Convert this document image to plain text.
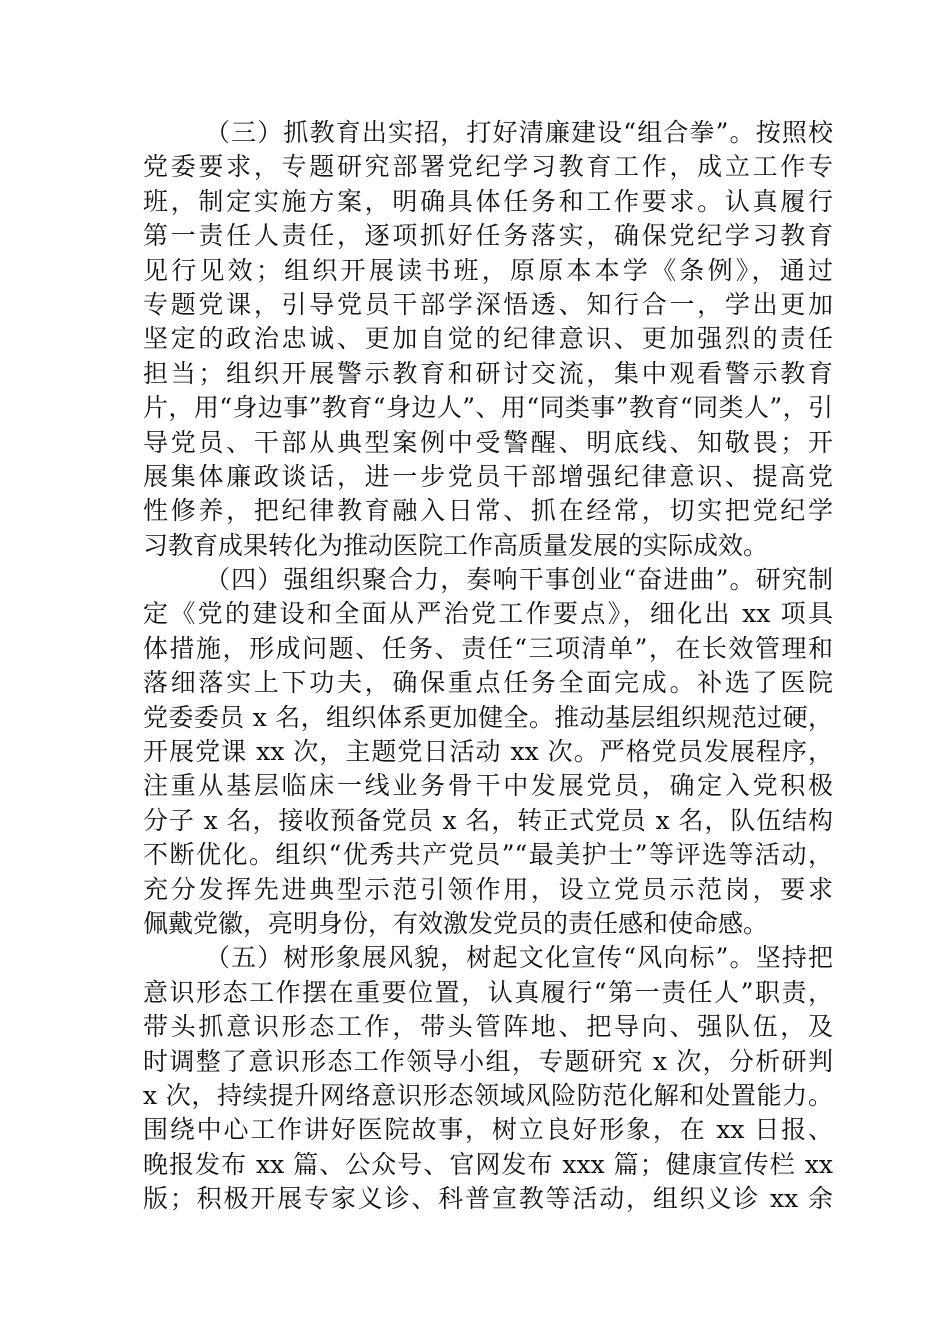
（三）抓教育出实招，打好清廉建设“组合拳”。按照校
党委要求，专题研究部署党纪学习教育工作，成立工作专
班，制定实施方案，明确具体任务和工作要求。认真履行
第一责任人责任，逐项抓好任务落实，确保党纪学习教育
见行见效；组织开展读书班，原原本本学《条例》，通过
专题党课，引导党员干部学深悟透、知行合一，学出更加
坚定的政治忠诚、更加自觉的纪律意识、更加强烈的责任
担当；组织开展警示教育和研讨交流，集中观看警示教育
片，用“身边事”教育“身边人”、用“同类事”教育“同类人”，引
导党员、干部从典型案例中受警醒、明底线、知敬畏；开
展集体廉政谈话，进一步党员干部增强纪律意识、提高党
性修养，把纪律教育融入日常、抓在经常，切实把党纪学
习教育成果转化为推动医院工作高质量发展的实际成效。
（四）强组织聚合力，奏响干事创业“奋进曲”。研究制
定《党的建设和全面从严治党工作要点》，细化出 xx 项具
体措施，形成问题、任务、责任“三项清单”，在长效管理和
落细落实上下功夫，确保重点任务全面完成。补选了医院
党委委员 x 名，组织体系更加健全。推动基层组织规范过硬，
开展党课 xx 次，主题党日活动 xx 次。严格党员发展程序，
注重从基层临床一线业务骨干中发展党员，确定入党积极
分子 x 名，接收预备党员 x 名，转正式党员 x 名，队伍结构
不断优化。组织“优秀共产党员”“最美护士”等评选等活动，
充分发挥先进典型示范引领作用，设立党员示范岗，要求
佩戴党徽，亮明身份，有效激发党员的责任感和使命感。
（五）树形象展风貌，树起文化宣传“风向标”。坚持把
意识形态工作摆在重要位置，认真履行“第一责任人”职责，
带头抓意识形态工作，带头管阵地、把导向、强队伍，及
时调整了意识形态工作领导小组，专题研究 x 次，分析研判
x 次，持续提升网络意识形态领域风险防范化解和处置能力。
围绕中心工作讲好医院故事，树立良好形象，在 xx 日报、
晚报发布 xx 篇、公众号、官网发布 xxx 篇；健康宣传栏 xx
版；积极开展专家义诊、科普宣教等活动，组织义诊 xx 余
